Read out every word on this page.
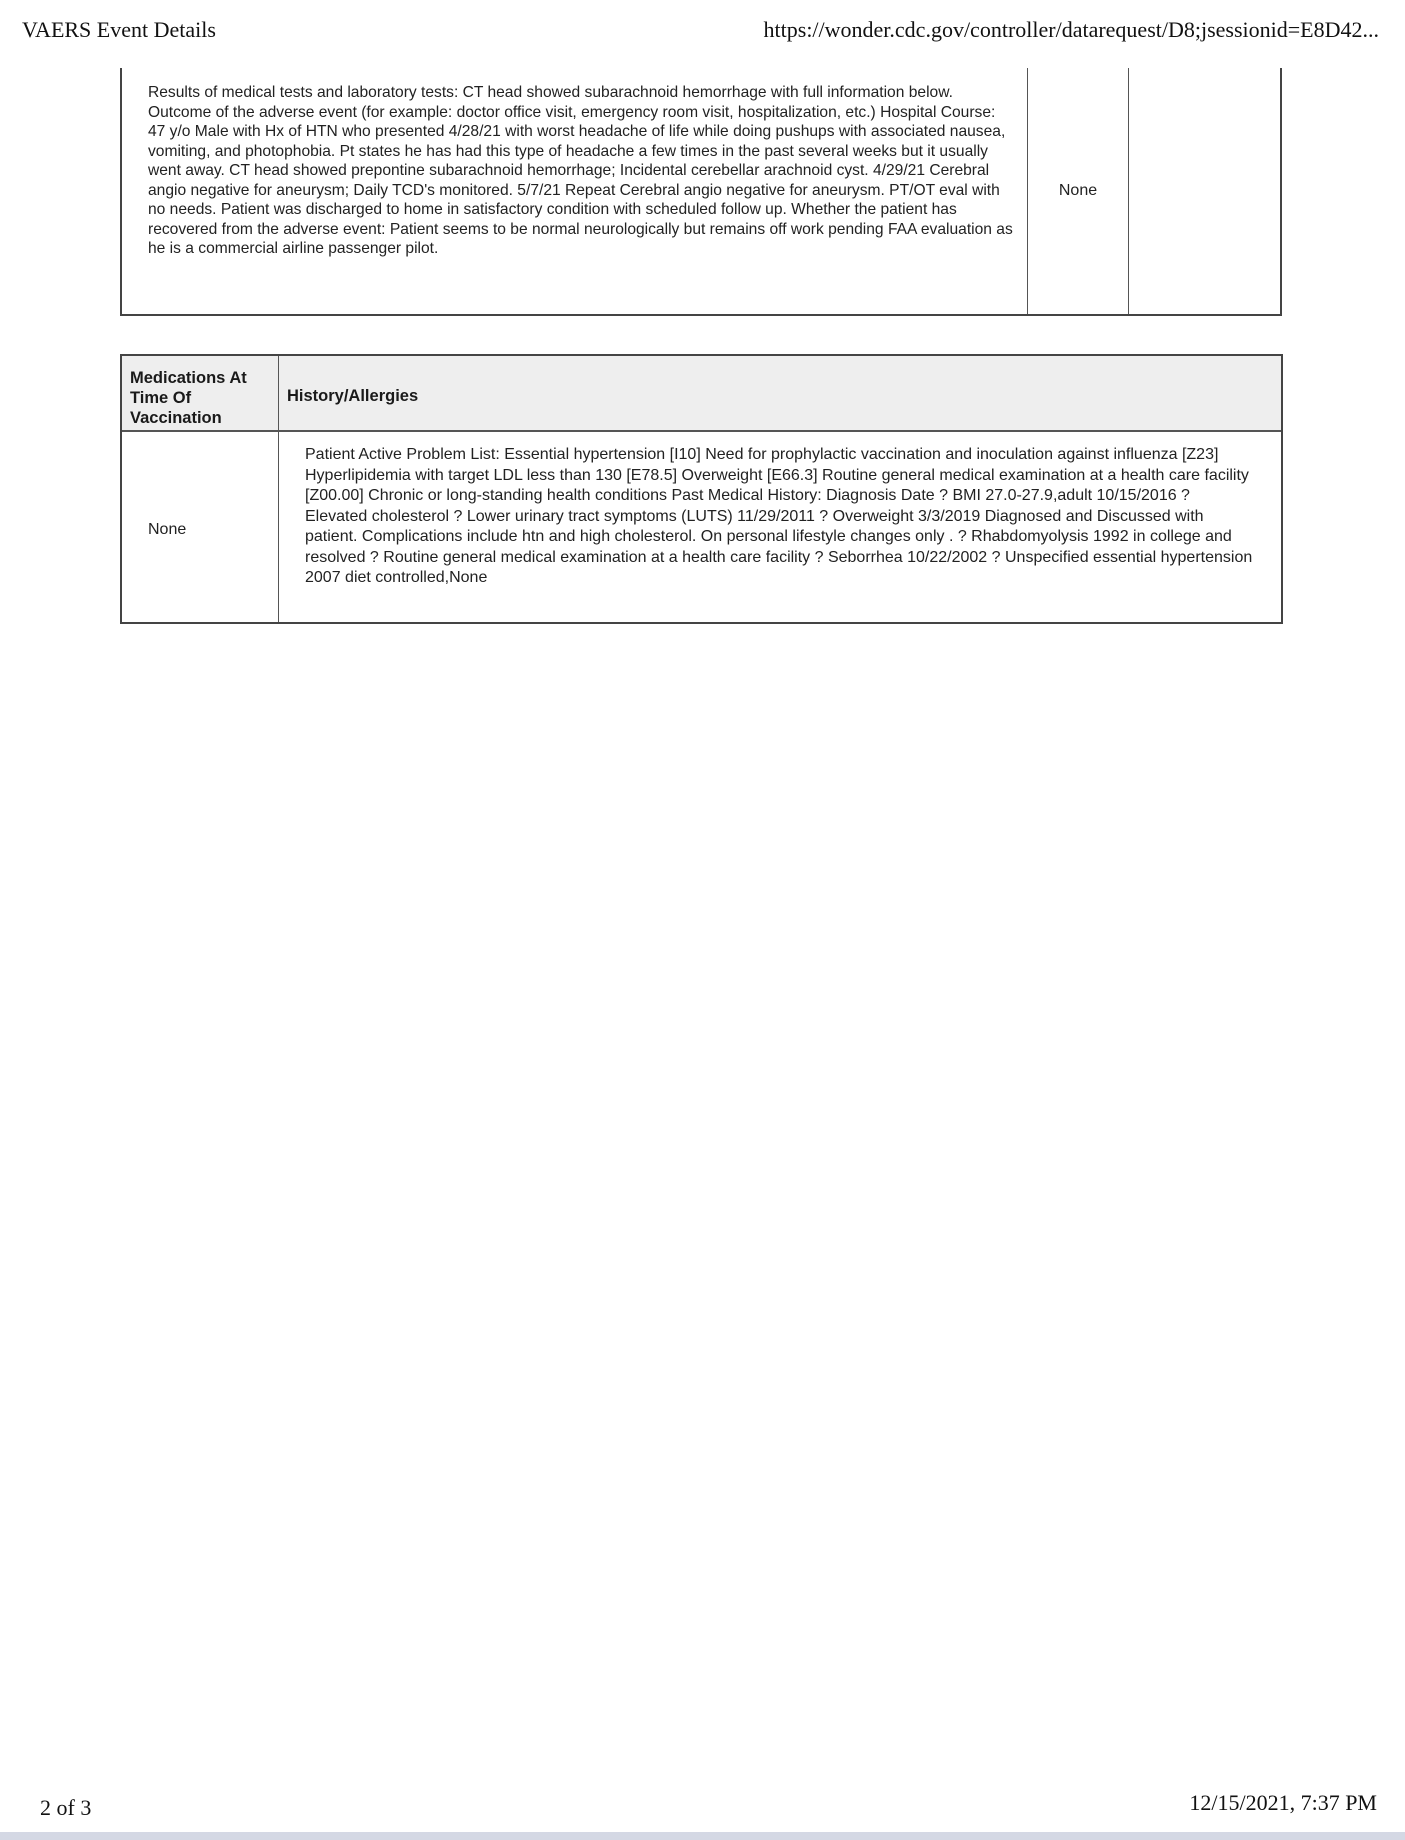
VAERS Event Details	https://wonder.cdc.gov/controller/datarequest/D8;jsessionid=E8D42...
Results of medical tests and laboratory tests: CT head showed subarachnoid hemorrhage with full information below. Outcome of the adverse event (for example: doctor office visit, emergency room visit, hospitalization, etc.) Hospital Course: 47 y/o Male with Hx of HTN who presented 4/28/21 with worst headache of life while doing pushups with associated nausea, vomiting, and photophobia. Pt states he has had this type of headache a few times in the past several weeks but it usually went away. CT head showed prepontine subarachnoid hemorrhage; Incidental cerebellar arachnoid cyst. 4/29/21 Cerebral angio negative for aneurysm; Daily TCD's monitored. 5/7/21 Repeat Cerebral angio negative for aneurysm. PT/OT eval with no needs. Patient was discharged to home in satisfactory condition with scheduled follow up. Whether the patient has recovered from the adverse event: Patient seems to be normal neurologically but remains off work pending FAA evaluation as he is a commercial airline passenger pilot.
None
Medications At Time Of Vaccination
History/Allergies
None
Patient Active Problem List: Essential hypertension [I10] Need for prophylactic vaccination and inoculation against influenza [Z23] Hyperlipidemia with target LDL less than 130 [E78.5] Overweight [E66.3] Routine general medical examination at a health care facility [Z00.00] Chronic or long-standing health conditions Past Medical History: Diagnosis Date ? BMI 27.0-27.9,adult 10/15/2016 ? Elevated cholesterol ? Lower urinary tract symptoms (LUTS) 11/29/2011 ? Overweight 3/3/2019 Diagnosed and Discussed with patient. Complications include htn and high cholesterol. On personal lifestyle changes only . ? Rhabdomyolysis 1992 in college and resolved ? Routine general medical examination at a health care facility ? Seborrhea 10/22/2002 ? Unspecified essential hypertension 2007 diet controlled,None
2 of 3	12/15/2021, 7:37 PM
